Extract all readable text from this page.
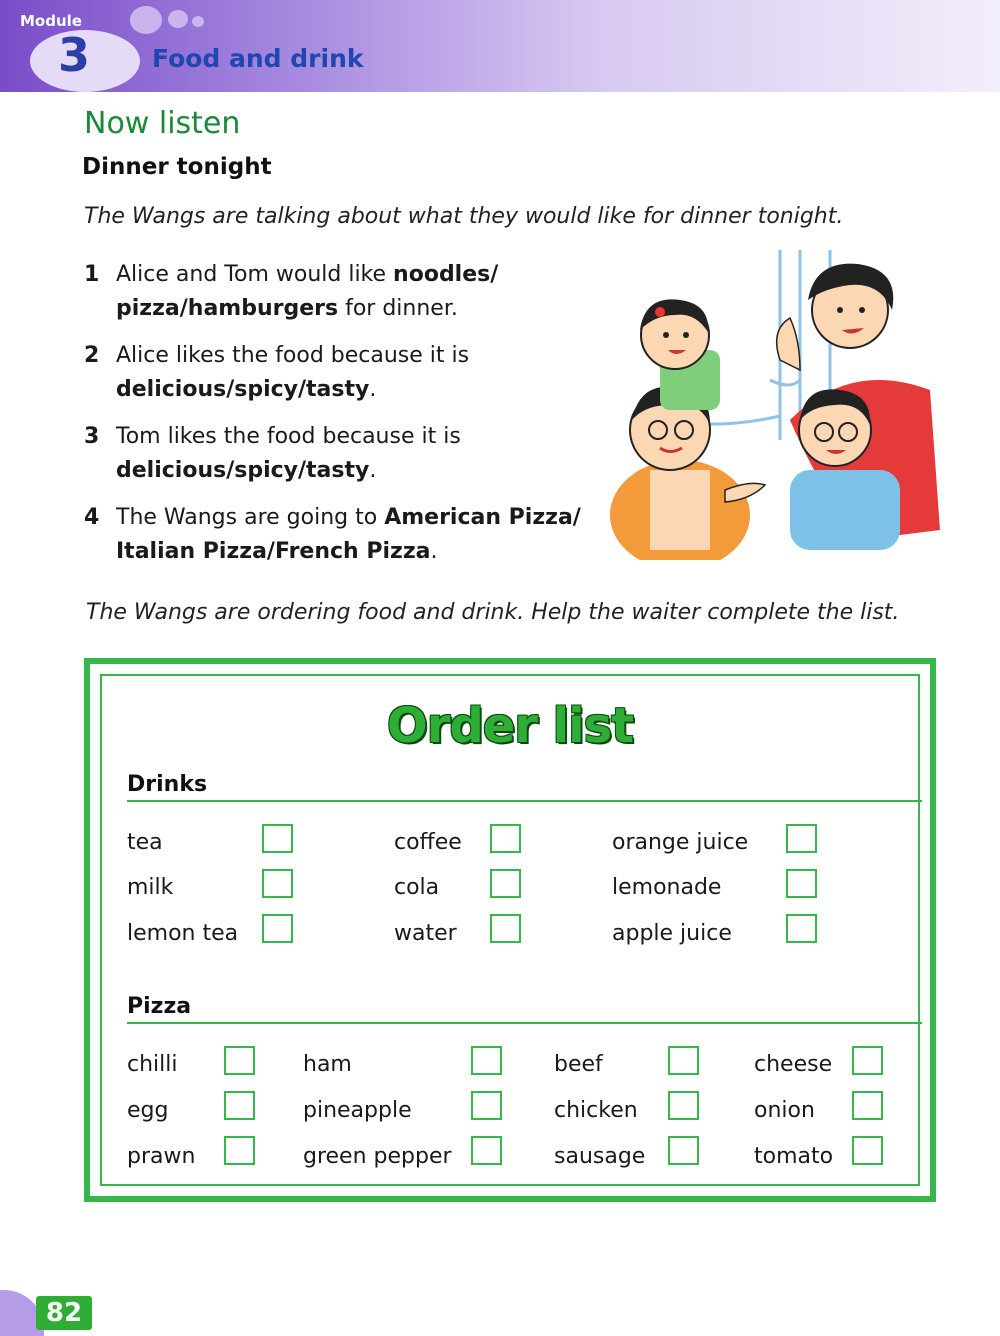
Module
3 Food and drink
Now listen
Dinner tonight
The Wangs are talking about what they would like for dinner tonight.
1 Alice and Tom would like noodles/
pizza/hamburgers for dinner.
2 Alice likes the food because it is
delicious/spicy/tasty.
3 Tom likes the food because it is
delicious/spicy/tasty.
4 The Wangs are going to American Pizza/
Italian Pizza/French Pizza.
The Wangs are ordering food and drink. Help the waiter complete the list.
Order list
Drinks
tea	coffee	orange juice
milk	cola	lemonade
lemon tea	water	apple juice
Pizza
chilli	ham	beef	cheese
egg	pineapple	chicken	onion
prawn	green pepper	sausage	tomato
82
